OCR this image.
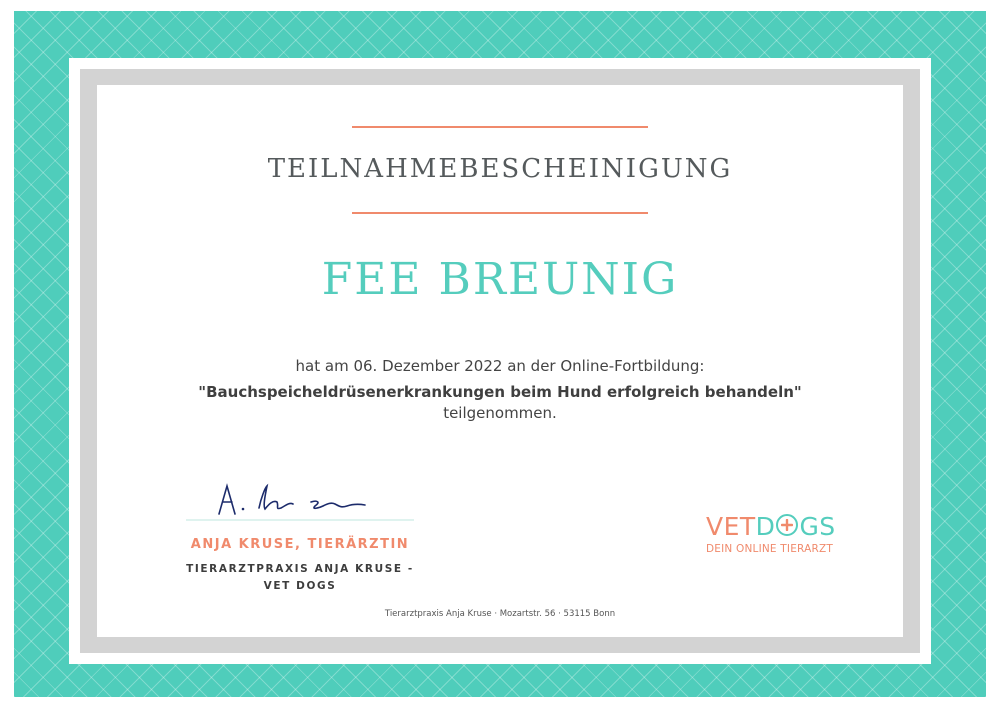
TEILNAHMEBESCHEINIGUNG
FEE BREUNIG
hat am 06. Dezember 2022 an der Online-Fortbildung:
"Bauchspeicheldrüsenerkrankungen beim Hund erfolgreich behandeln"
teilgenommen.
ANJA KRUSE, TIERÄRZTIN
TIERARZTPRAXIS ANJA KRUSE -
VET DOGS
VETD GS
DEIN ONLINE TIERARZT
Tierarztpraxis Anja Kruse · Mozartstr. 56 · 53115 Bonn
